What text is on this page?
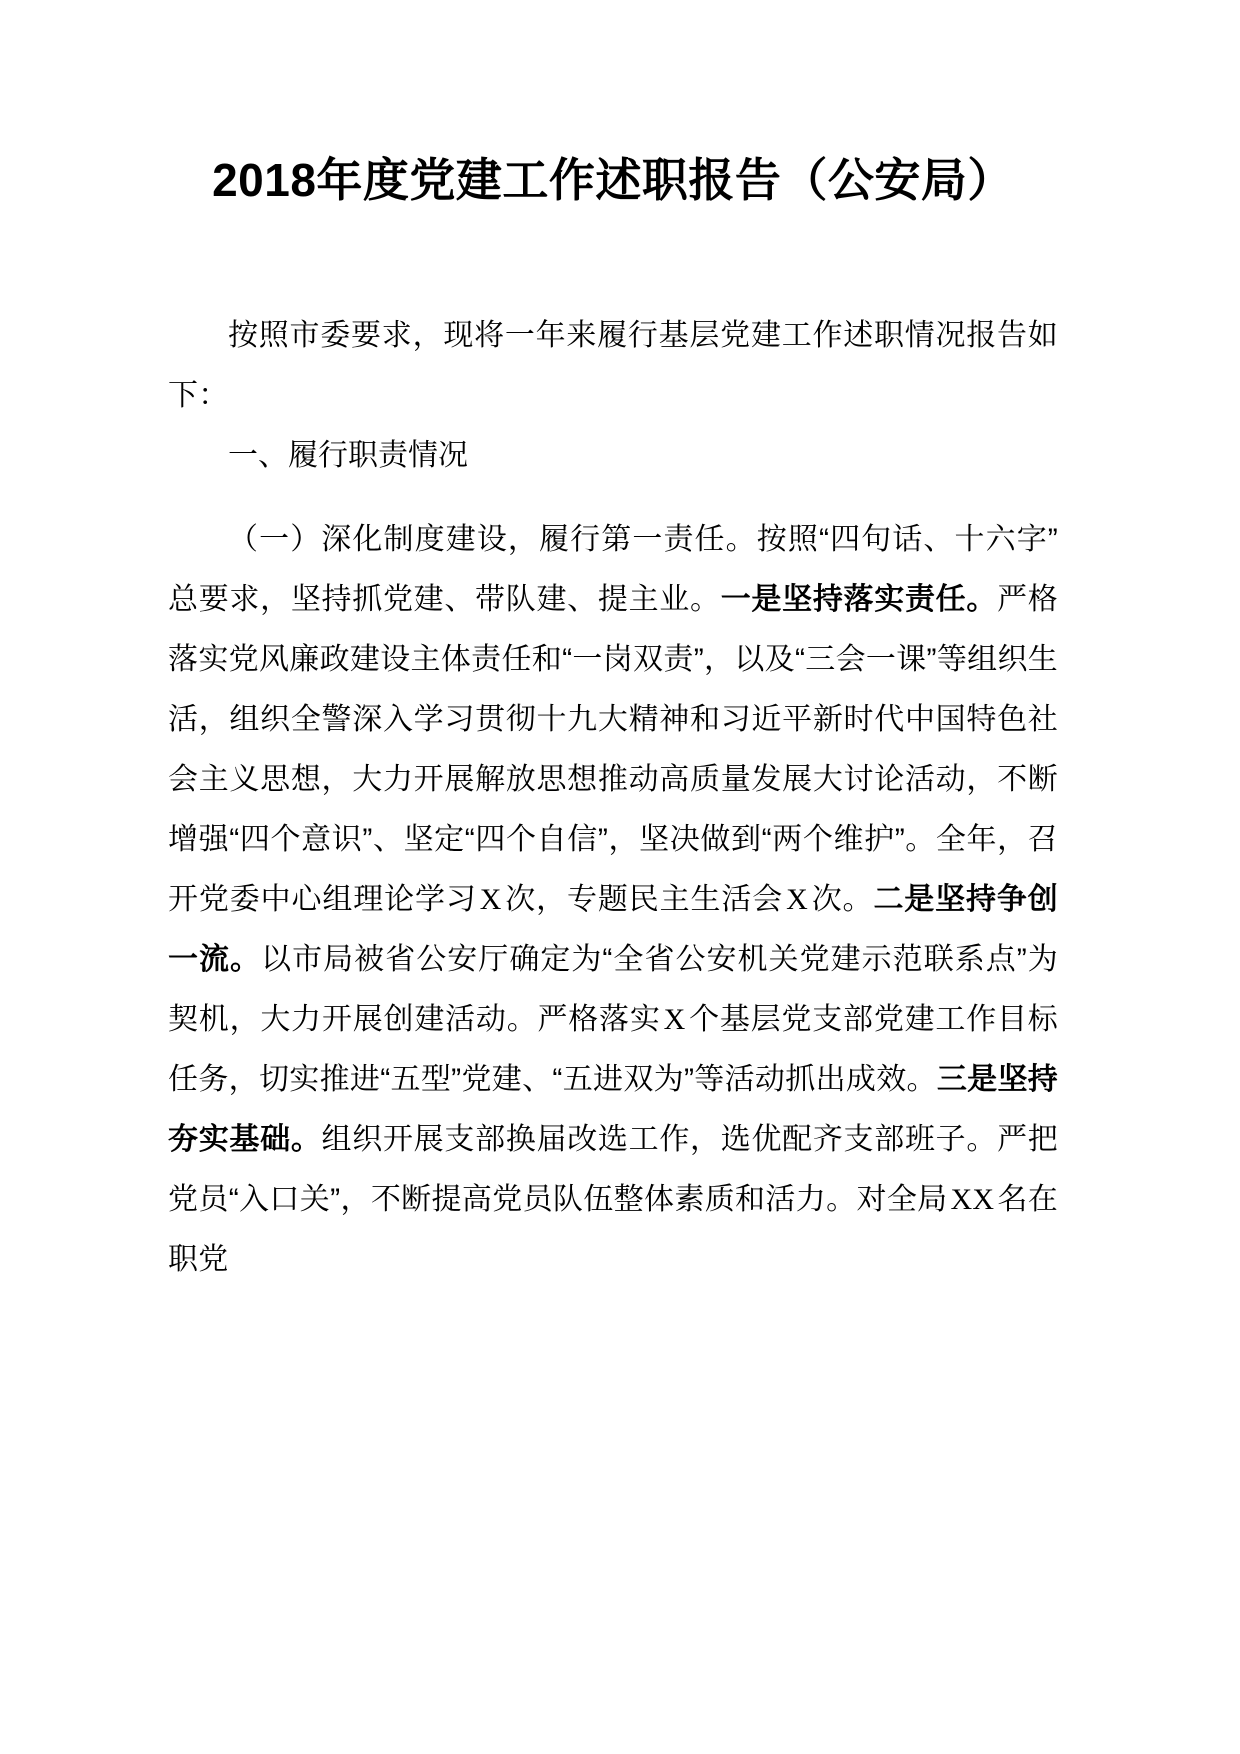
2018年度党建工作述职报告（公安局）

按照市委要求，现将一年来履行基层党建工作述职情况报告如下：

一、履行职责情况

（一）深化制度建设，履行第一责任。按照“四句话、十六字”总要求，坚持抓党建、带队建、提主业。一是坚持落实责任。严格落实党风廉政建设主体责任和“一岗双责”，以及“三会一课”等组织生活，组织全警深入学习贯彻十九大精神和习近平新时代中国特色社会主义思想，大力开展解放思想推动高质量发展大讨论活动，不断增强“四个意识”、坚定“四个自信”，坚决做到“两个维护”。全年，召开党委中心组理论学习 X 次，专题民主生活会 X 次。二是坚持争创一流。以市局被省公安厅确定为“全省公安机关党建示范联系点”为契机，大力开展创建活动。严格落实 X 个基层党支部党建工作目标任务，切实推进“五型”党建、“五进双为”等活动抓出成效。三是坚持夯实基础。组织开展支部换届改选工作，选优配齐支部班子。严把党员“入口关”，不断提高党员队伍整体素质和活力。对全局 XX 名在职党
